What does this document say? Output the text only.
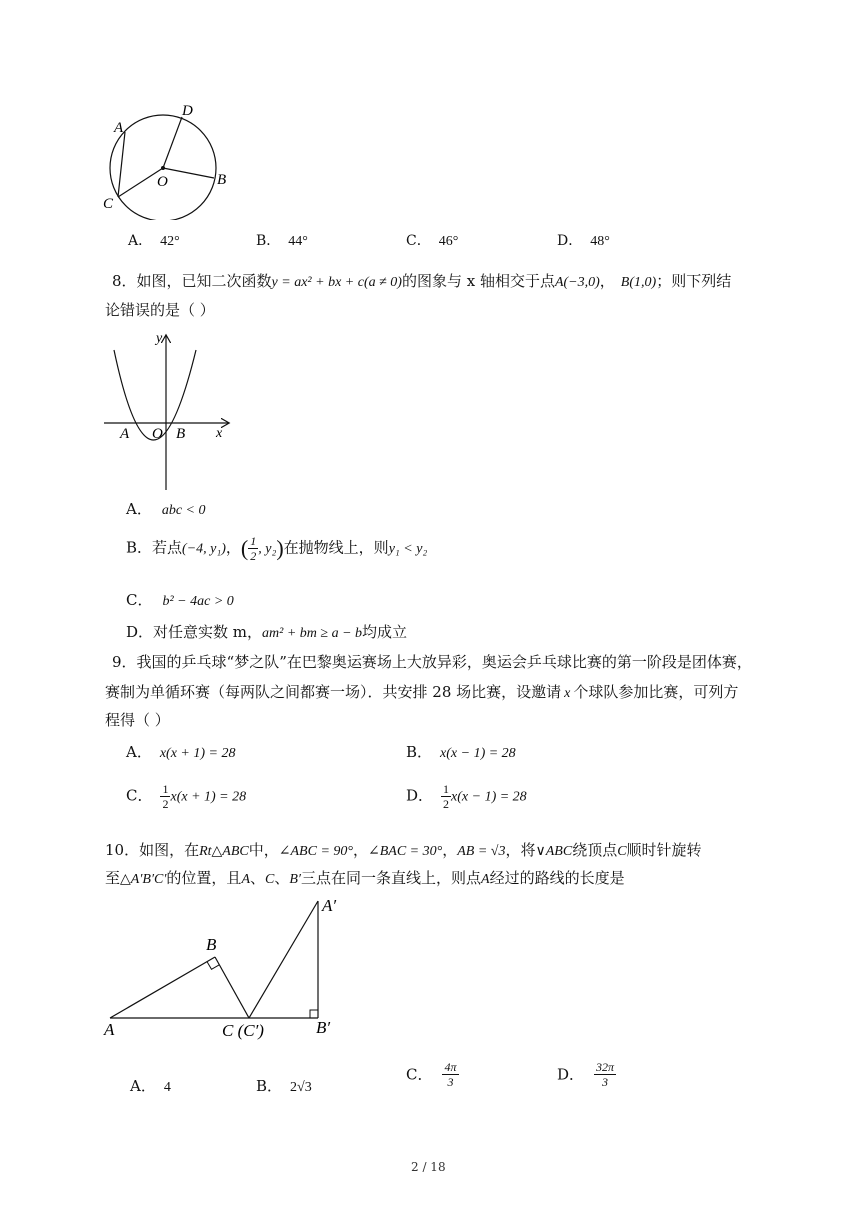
A
D
B
C
O
A． 42°	B． 44°	C． 46°	D． 48°
8．如图，已知二次函数y = ax² + bx + c(a ≠ 0)的图象与 x 轴相交于点A(−3,0)， B(1,0)；则下列结
论错误的是（ ）
y
x
A O B
A． abc < 0
B．若点(−4, y₁)，( $\frac{1}{2}$ , y₂)在抛物线上，则y₁ < y₂
C． b² − 4ac > 0
D．对任意实数 m，am² + bm ≥ a − b均成立
9．我国的乒乓球“梦之队”在巴黎奥运赛场上大放异彩，奥运会乒乓球比赛的第一阶段是团体赛，
赛制为单循环赛（每两队之间都赛一场）．共安排 28 场比赛，设邀请 x 个球队参加比赛，可列方
程得（ ）
A． x(x + 1) = 28	B． x(x − 1) = 28
C． $\frac{1}{2} x(x + 1) = 28$	D． $\frac{1}{2} x(x - 1) = 28$
10．如图，在Rt△ABC中，∠ABC = 90°，∠BAC = 30°，AB = √3，将∨ABC绕顶点C顺时针旋转
至△A′B′C′的位置，且A、C、B′三点在同一条直线上，则点A经过的路线的长度是
A
B
C (C′)
A′
B′
A． 4	B． 2√3
C． $\frac{4\pi}{3}$	D． $\frac{32\pi}{3}$
2 / 18
